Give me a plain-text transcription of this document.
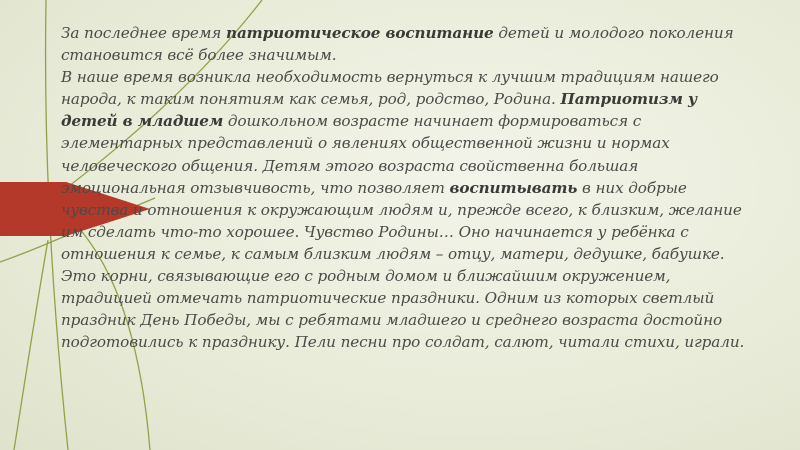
За последнее время патриотическое воспитание детей и молодого поколения становится всё более значимым.

В наше время возникла необходимость вернуться к лучшим традициям нашего народа, к таким понятиям как семья, род, родство, Родина. Патриотизм у детей в младшем дошкольном возрасте начинает формироваться с элементарных представлений о явлениях общественной жизни и нормах человеческого общения. Детям этого возраста свойственна большая эмоциональная отзывчивость, что позволяет воспитывать в них добрые чувства и отношения к окружающим людям и, прежде всего, к близким, желание им сделать что-то хорошее. Чувство Родины… Оно начинается у ребёнка с отношения к семье, к самым близким людям – отцу, матери, дедушке, бабушке. Это корни, связывающие его с родным домом и ближайшим окружением, традицией отмечать патриотические праздники. Одним из которых светлый праздник День Победы, мы с ребятами младшего и среднего возраста достойно подготовились к празднику. Пели песни про солдат, салют, читали стихи, играли.
